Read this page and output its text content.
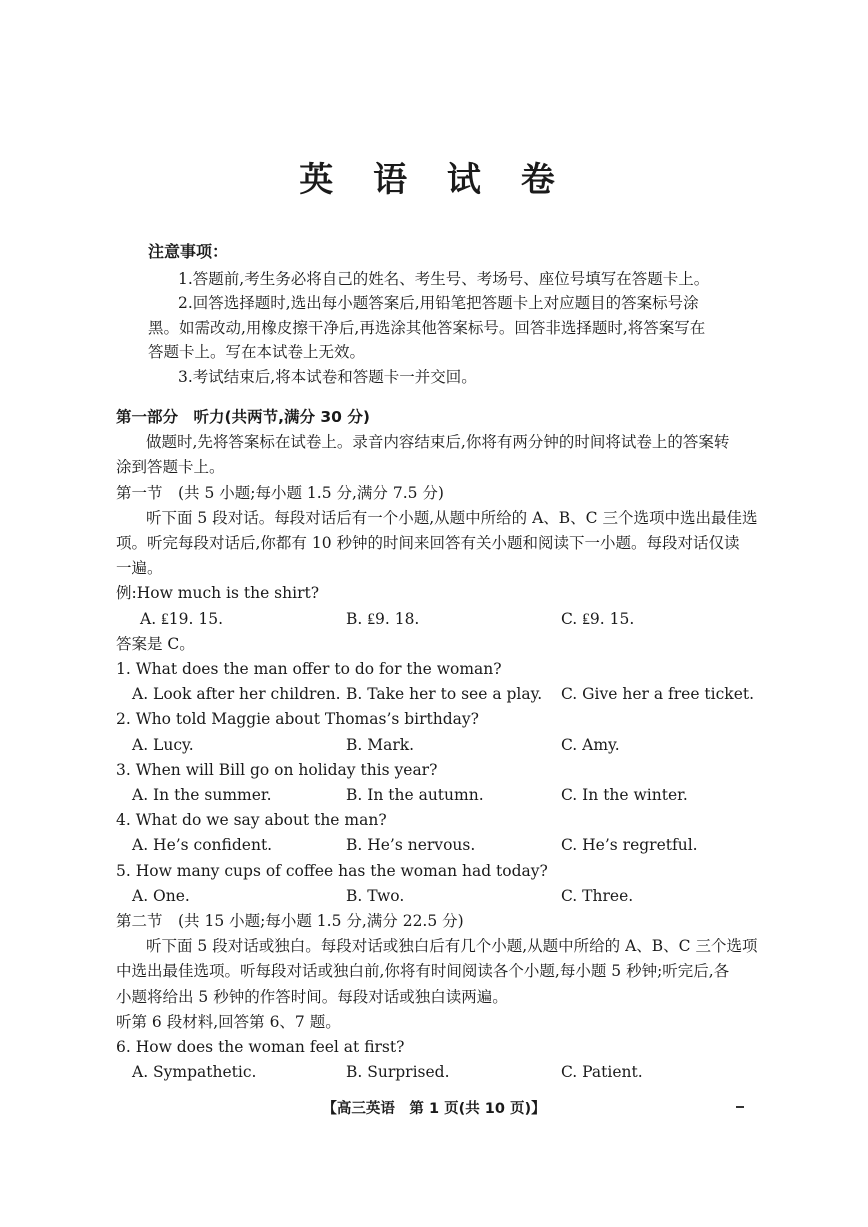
英 语 试 卷
注意事项：
1.答题前,考生务必将自己的姓名、考生号、考场号、座位号填写在答题卡上。
2.回答选择题时,选出每小题答案后,用铅笔把答题卡上对应题目的答案标号涂
黑。如需改动,用橡皮擦干净后,再选涂其他答案标号。回答非选择题时,将答案写在
答题卡上。写在本试卷上无效。
3.考试结束后,将本试卷和答题卡一并交回。
第一部分　听力(共两节,满分 30 分)
做题时,先将答案标在试卷上。录音内容结束后,你将有两分钟的时间将试卷上的答案转
涂到答题卡上。
第一节　(共 5 小题;每小题 1.5 分,满分 7.5 分)
听下面 5 段对话。每段对话后有一个小题,从题中所给的 A、B、C 三个选项中选出最佳选
项。听完每段对话后,你都有 10 秒钟的时间来回答有关小题和阅读下一小题。每段对话仅读
一遍。
例:How much is the shirt?
A. ₤19. 15.	B. ₤9. 18.	C. ₤9. 15.
答案是 C。
1. What does the man offer to do for the woman?
A. Look after her children. B. Take her to see a play. C. Give her a free ticket.
2. Who told Maggie about Thomas’s birthday?
A. Lucy.	B. Mark.	C. Amy.
3. When will Bill go on holiday this year?
A. In the summer.	B. In the autumn.	C. In the winter.
4. What do we say about the man?
A. He’s confident.	B. He’s nervous.	C. He’s regretful.
5. How many cups of coffee has the woman had today?
A. One.	B. Two.	C. Three.
第二节　(共 15 小题;每小题 1.5 分,满分 22.5 分)
听下面 5 段对话或独白。每段对话或独白后有几个小题,从题中所给的 A、B、C 三个选项
中选出最佳选项。听每段对话或独白前,你将有时间阅读各个小题,每小题 5 秒钟;听完后,各
小题将给出 5 秒钟的作答时间。每段对话或独白读两遍。
听第 6 段材料,回答第 6、7 题。
6. How does the woman feel at first?
A. Sympathetic.	B. Surprised.	C. Patient.
【高三英语　第 1 页(共 10 页)】
